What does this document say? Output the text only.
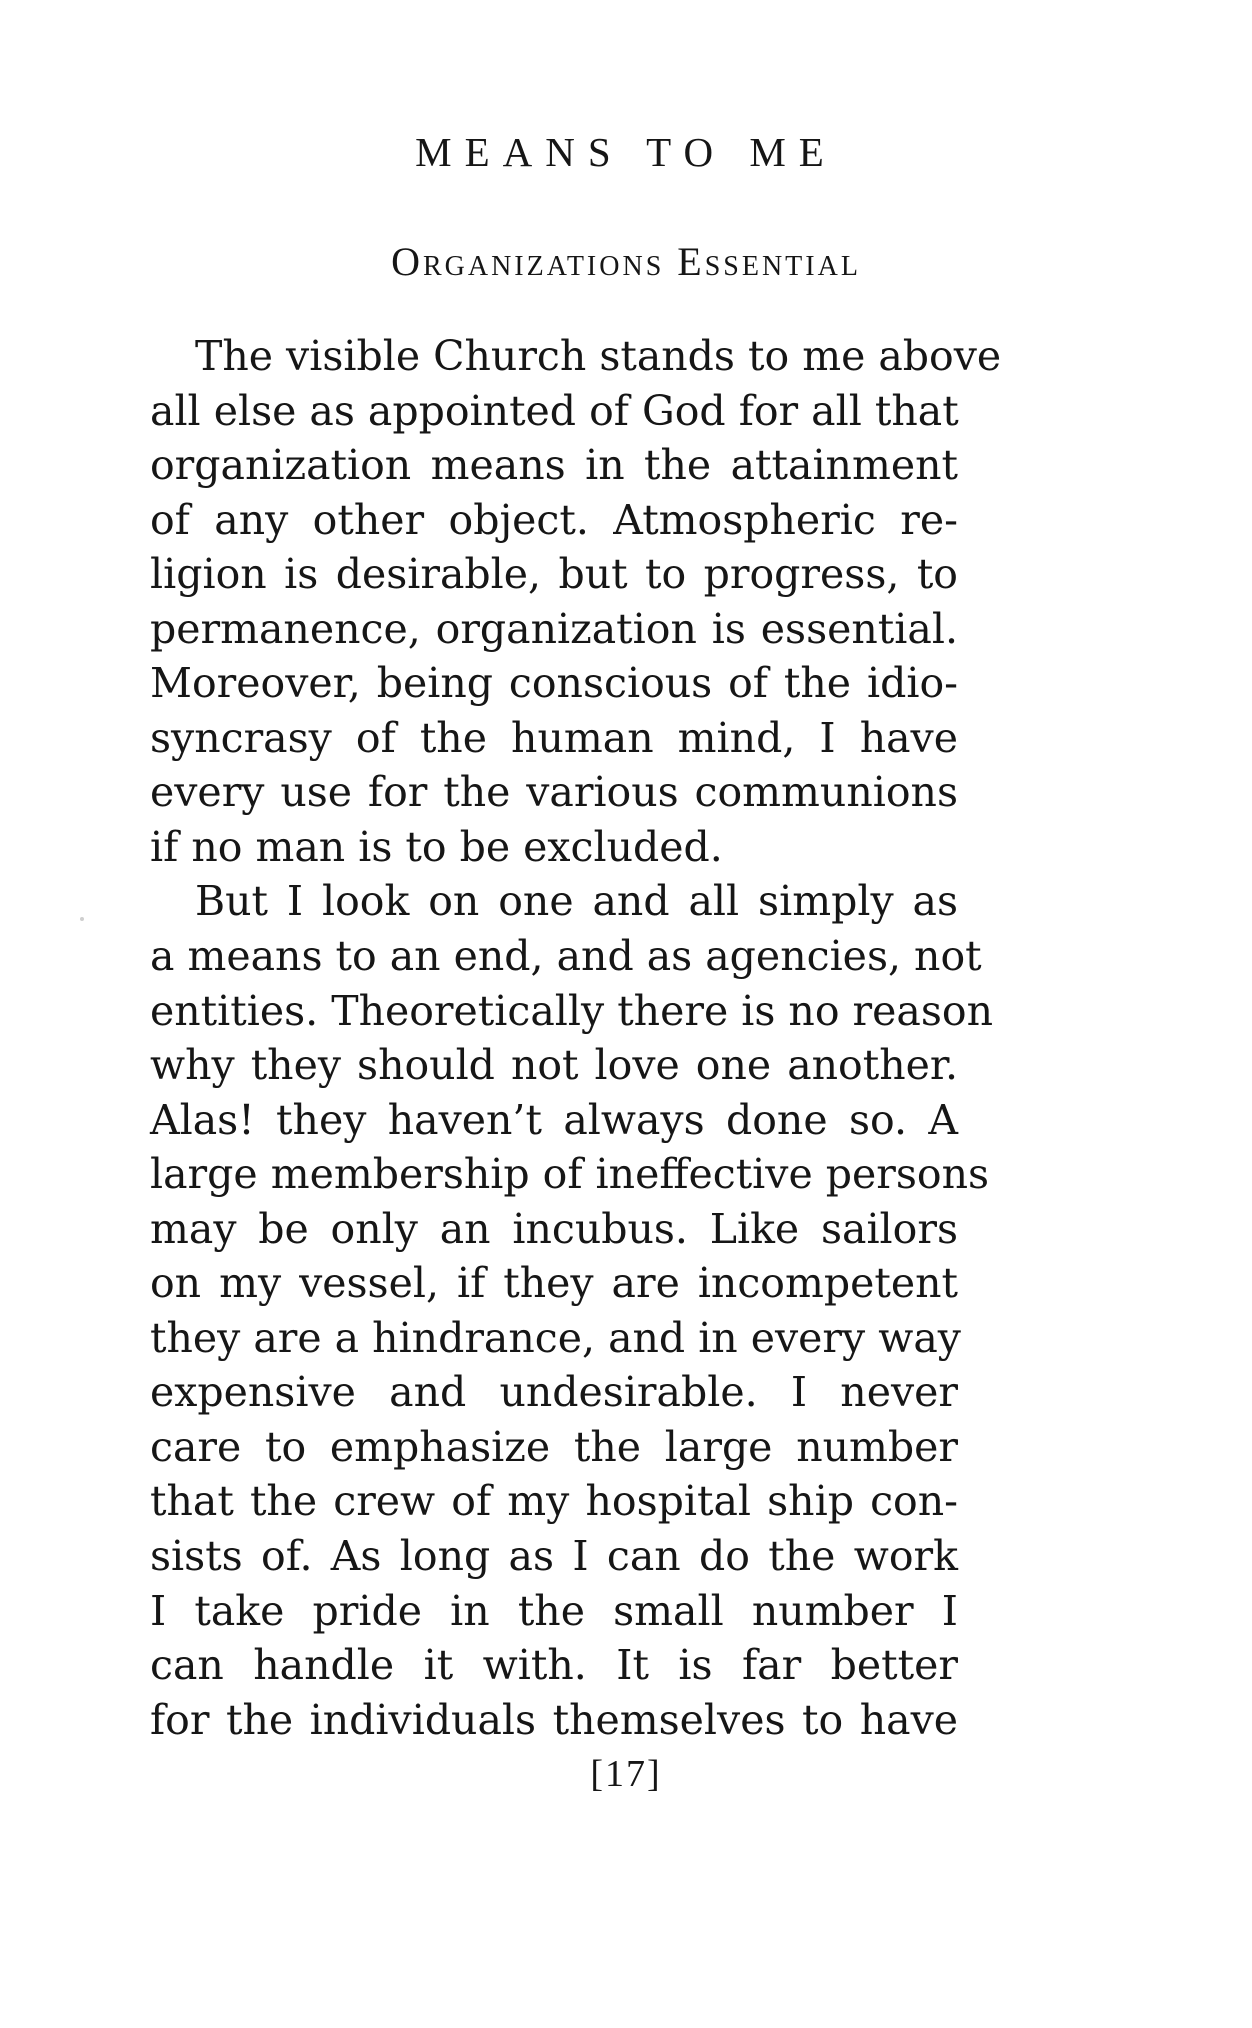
MEANS TO ME
Organizations Essential
The visible Church stands to me above
all else as appointed of God for all that
organization means in the attainment
of any other object. Atmospheric re-
ligion is desirable, but to progress, to
permanence, organization is essential.
Moreover, being conscious of the idio-
syncrasy of the human mind, I have
every use for the various communions
if no man is to be excluded.
But I look on one and all simply as
a means to an end, and as agencies, not
entities. Theoretically there is no reason
why they should not love one another.
Alas! they haven’t always done so. A
large membership of ineffective persons
may be only an incubus. Like sailors
on my vessel, if they are incompetent
they are a hindrance, and in every way
expensive and undesirable. I never
care to emphasize the large number
that the crew of my hospital ship con-
sists of. As long as I can do the work
I take pride in the small number I
can handle it with. It is far better
for the individuals themselves to have
[17]
